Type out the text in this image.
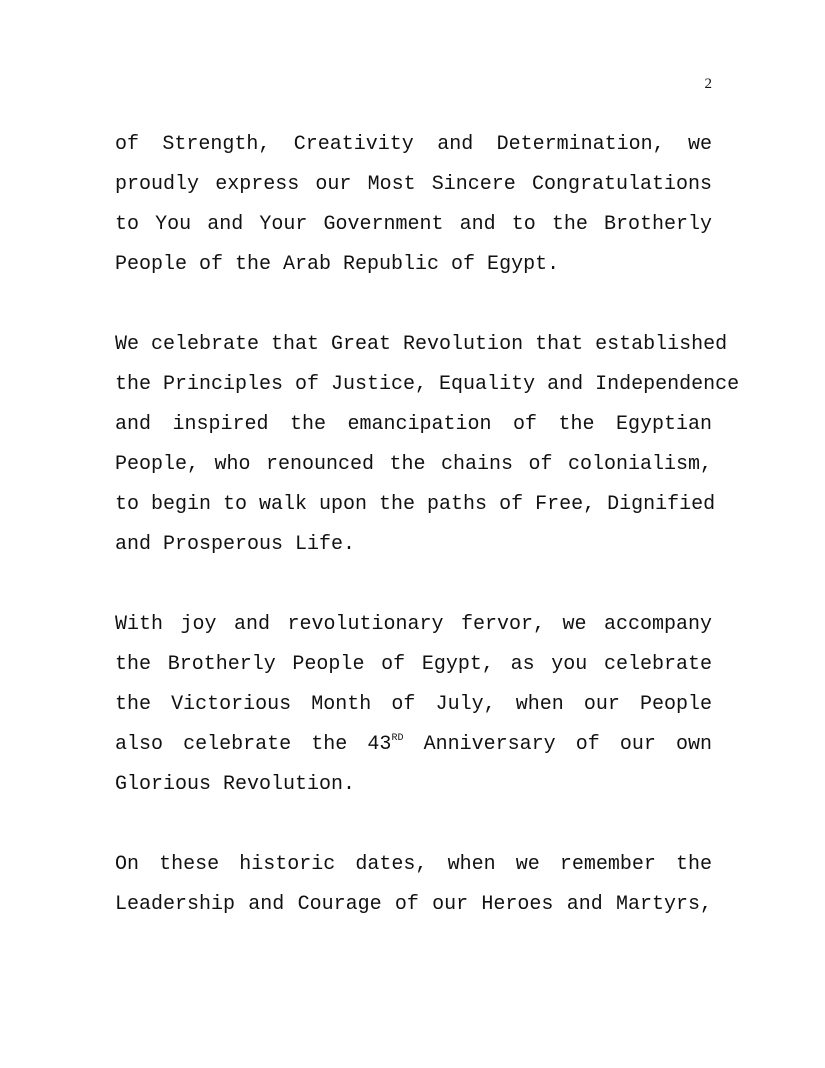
2
of Strength, Creativity and Determination, we
proudly express our Most Sincere Congratulations
to You and Your Government and to the Brotherly
People of the Arab Republic of Egypt.
We celebrate that Great Revolution that established
the Principles of Justice, Equality and Independence
and inspired the emancipation of the Egyptian
People, who renounced the chains of colonialism,
to begin to walk upon the paths of Free, Dignified
and Prosperous Life.
With joy and revolutionary fervor, we accompany
the Brotherly People of Egypt, as you celebrate
the Victorious Month of July, when our People
also celebrate the 43RD Anniversary of our own
Glorious Revolution.
On these historic dates, when we remember the
Leadership and Courage of our Heroes and Martyrs,
